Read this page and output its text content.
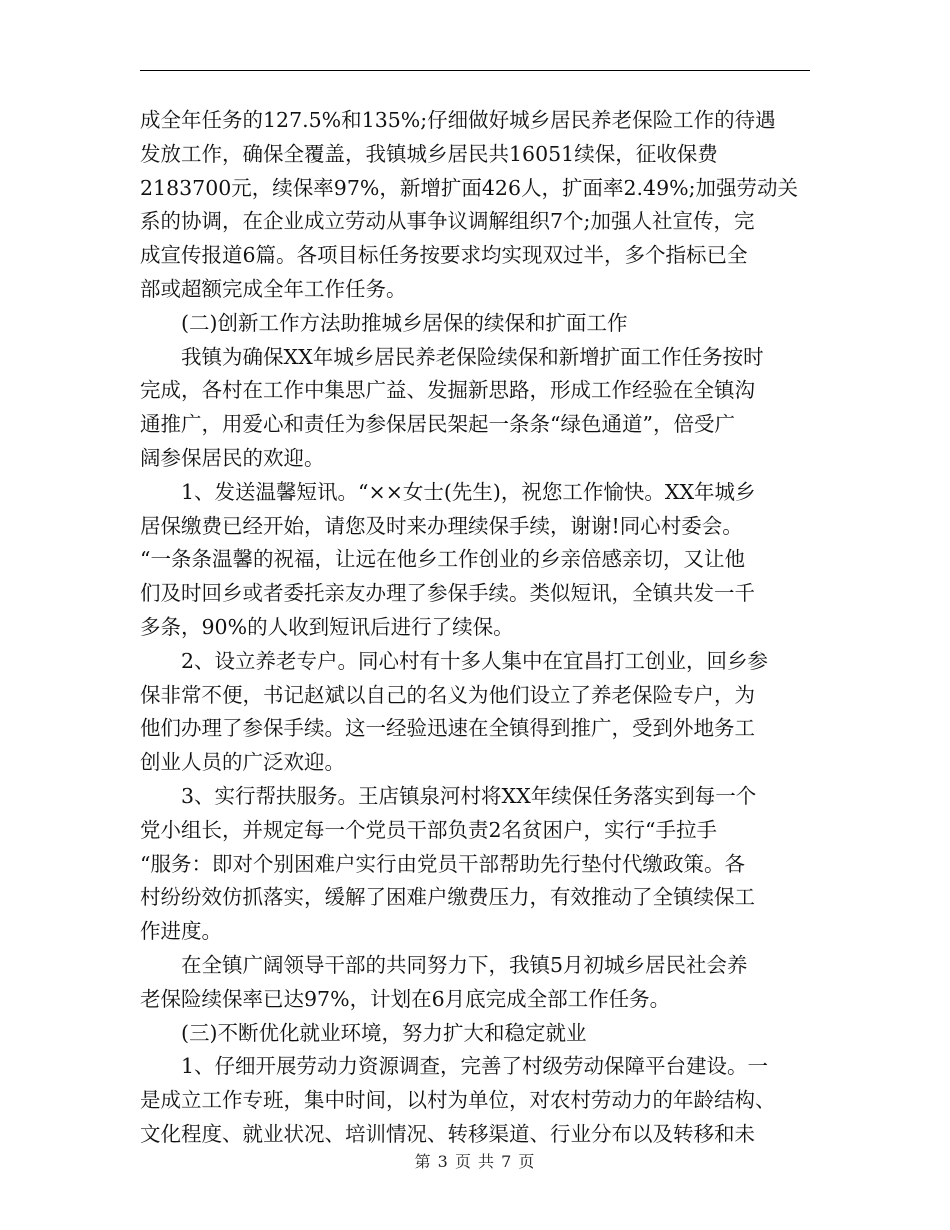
成全年任务的127.5%和135%;仔细做好城乡居民养老保险工作的待遇
发放工作，确保全覆盖，我镇城乡居民共16051续保，征收保费
2183700元，续保率97%，新增扩面426人，扩面率2.49%;加强劳动关
系的协调，在企业成立劳动从事争议调解组织7个;加强人社宣传，完
成宣传报道6篇。各项目标任务按要求均实现双过半，多个指标已全
部或超额完成全年工作任务。
(二)创新工作方法助推城乡居保的续保和扩面工作
我镇为确保XX年城乡居民养老保险续保和新增扩面工作任务按时
完成，各村在工作中集思广益、发掘新思路，形成工作经验在全镇沟
通推广，用爱心和责任为参保居民架起一条条“绿色通道”，倍受广
阔参保居民的欢迎。
1、发送温馨短讯。“××女士(先生)，祝您工作愉快。XX年城乡
居保缴费已经开始，请您及时来办理续保手续，谢谢!同心村委会。
“一条条温馨的祝福，让远在他乡工作创业的乡亲倍感亲切，又让他
们及时回乡或者委托亲友办理了参保手续。类似短讯，全镇共发一千
多条，90%的人收到短讯后进行了续保。
2、设立养老专户。同心村有十多人集中在宜昌打工创业，回乡参
保非常不便，书记赵斌以自己的名义为他们设立了养老保险专户，为
他们办理了参保手续。这一经验迅速在全镇得到推广，受到外地务工
创业人员的广泛欢迎。
3、实行帮扶服务。王店镇泉河村将XX年续保任务落实到每一个
党小组长，并规定每一个党员干部负责2名贫困户，实行“手拉手
“服务：即对个别困难户实行由党员干部帮助先行垫付代缴政策。各
村纷纷效仿抓落实，缓解了困难户缴费压力，有效推动了全镇续保工
作进度。
在全镇广阔领导干部的共同努力下，我镇5月初城乡居民社会养
老保险续保率已达97%，计划在6月底完成全部工作任务。
(三)不断优化就业环境，努力扩大和稳定就业
1、仔细开展劳动力资源调查，完善了村级劳动保障平台建设。一
是成立工作专班，集中时间，以村为单位，对农村劳动力的年龄结构、
文化程度、就业状况、培训情况、转移渠道、行业分布以及转移和未
第 3 页 共 7 页
